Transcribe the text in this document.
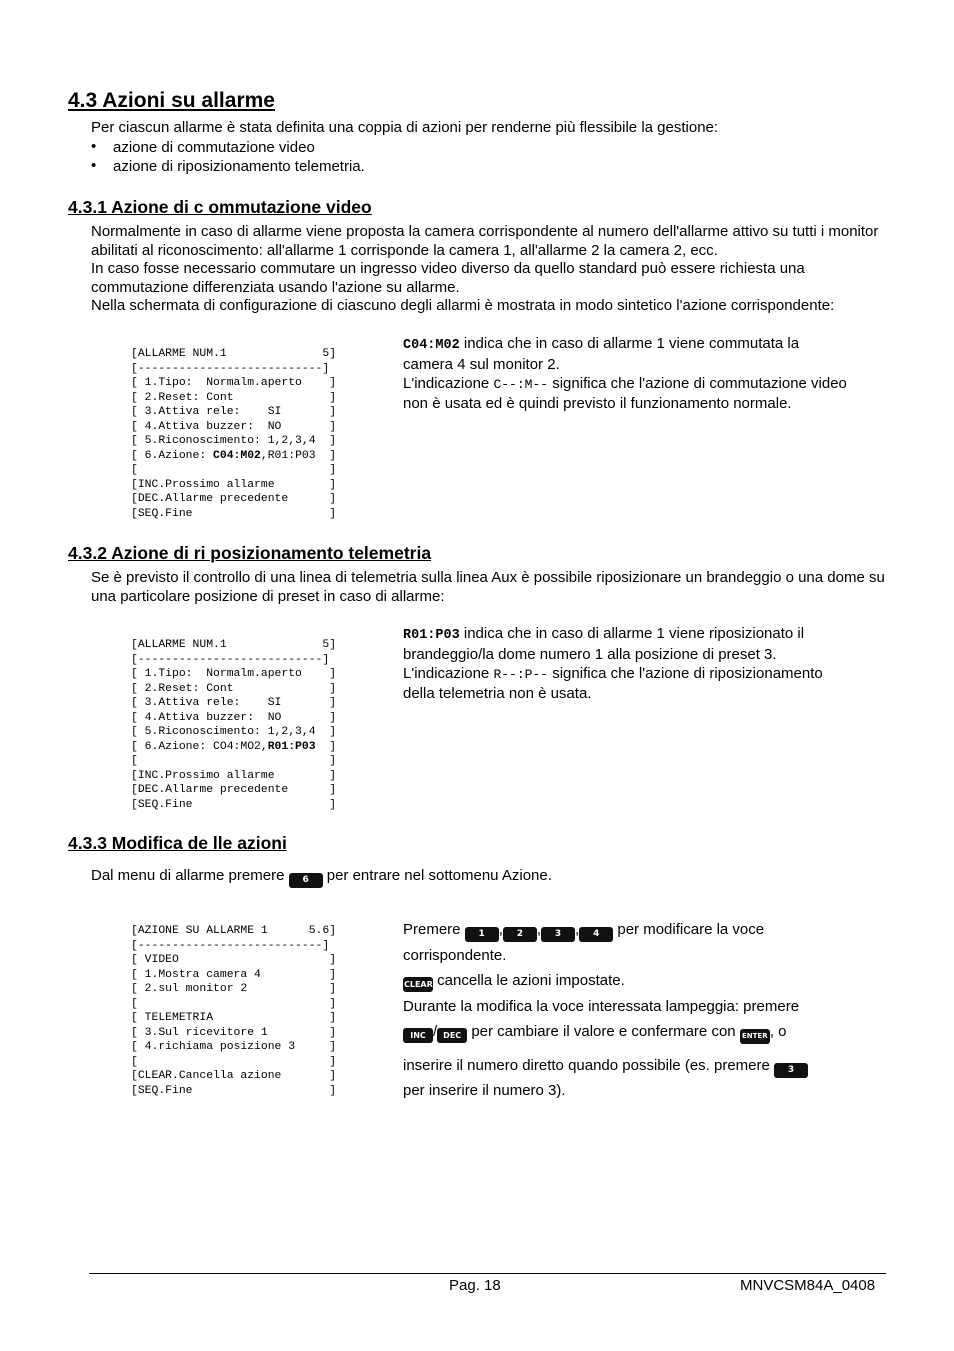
4.3 Azioni su allarme
Per ciascun allarme è stata definita una coppia di azioni per renderne più flessibile la gestione:
• azione di commutazione video
• azione di riposizionamento telemetria.
4.3.1 Azione di c ommutazione video
Normalmente in caso di allarme viene proposta la camera corrispondente al numero dell'allarme attivo su tutti i monitor abilitati al riconoscimento: all'allarme 1 corrisponde la camera 1, all'allarme 2 la camera 2, ecc.
In caso fosse necessario commutare un ingresso video diverso da quello standard può essere richiesta una commutazione differenziata usando l'azione su allarme.
Nella schermata di configurazione di ciascuno degli allarmi è mostrata in modo sintetico l'azione corrispondente:
[ALLARME NUM.1              5]
[---------------------------]
[ 1.Tipo:  Normalm.aperto    ]
[ 2.Reset: Cont              ]
[ 3.Attiva rele:    SI       ]
[ 4.Attiva buzzer:  NO       ]
[ 5.Riconoscimento: 1,2,3,4  ]
[ 6.Azione: C04:M02,R01:P03  ]
[                            ]
[INC.Prossimo allarme        ]
[DEC.Allarme precedente      ]
[SEQ.Fine                    ]
C04:M02 indica che in caso di allarme 1 viene commutata la camera 4 sul monitor 2.
L'indicazione C--:M-- significa che l'azione di commutazione video non è usata ed è quindi previsto il funzionamento normale.
4.3.2 Azione di ri posizionamento telemetria
Se è previsto il controllo di una linea di telemetria sulla linea Aux è possibile riposizionare un brandeggio o una dome su una particolare posizione di preset in caso di allarme:
[ALLARME NUM.1              5]
[---------------------------]
[ 1.Tipo:  Normalm.aperto    ]
[ 2.Reset: Cont              ]
[ 3.Attiva rele:    SI       ]
[ 4.Attiva buzzer:  NO       ]
[ 5.Riconoscimento: 1,2,3,4  ]
[ 6.Azione: CO4:MO2,R01:P03  ]
[                            ]
[INC.Prossimo allarme        ]
[DEC.Allarme precedente      ]
[SEQ.Fine                    ]
R01:P03 indica che in caso di allarme 1 viene riposizionato il brandeggio/la dome numero 1 alla posizione di preset 3.
L'indicazione R--:P-- significa che l'azione di riposizionamento della telemetria non è usata.
4.3.3 Modifica de lle azioni
Dal menu di allarme premere 6 per entrare nel sottomenu Azione.
[AZIONE SU ALLARME 1      5.6]
[---------------------------]
[ VIDEO                      ]
[ 1.Mostra camera 4          ]
[ 2.sul monitor 2            ]
[                            ]
[ TELEMETRIA                 ]
[ 3.Sul ricevitore 1         ]
[ 4.richiama posizione 3     ]
[                            ]
[CLEAR.Cancella azione       ]
[SEQ.Fine                    ]
Premere 1 , 2 , 3 , 4 per modificare la voce
corrispondente.
CLEAR cancella le azioni impostate.
Durante la modifica la voce interessata lampeggia: premere
INC / DEC per cambiare il valore e confermare con ENTER , o
inserire il numero diretto quando possibile (es. premere 3
per inserire il numero 3).
Pag. 18	MNVCSM84A_0408
